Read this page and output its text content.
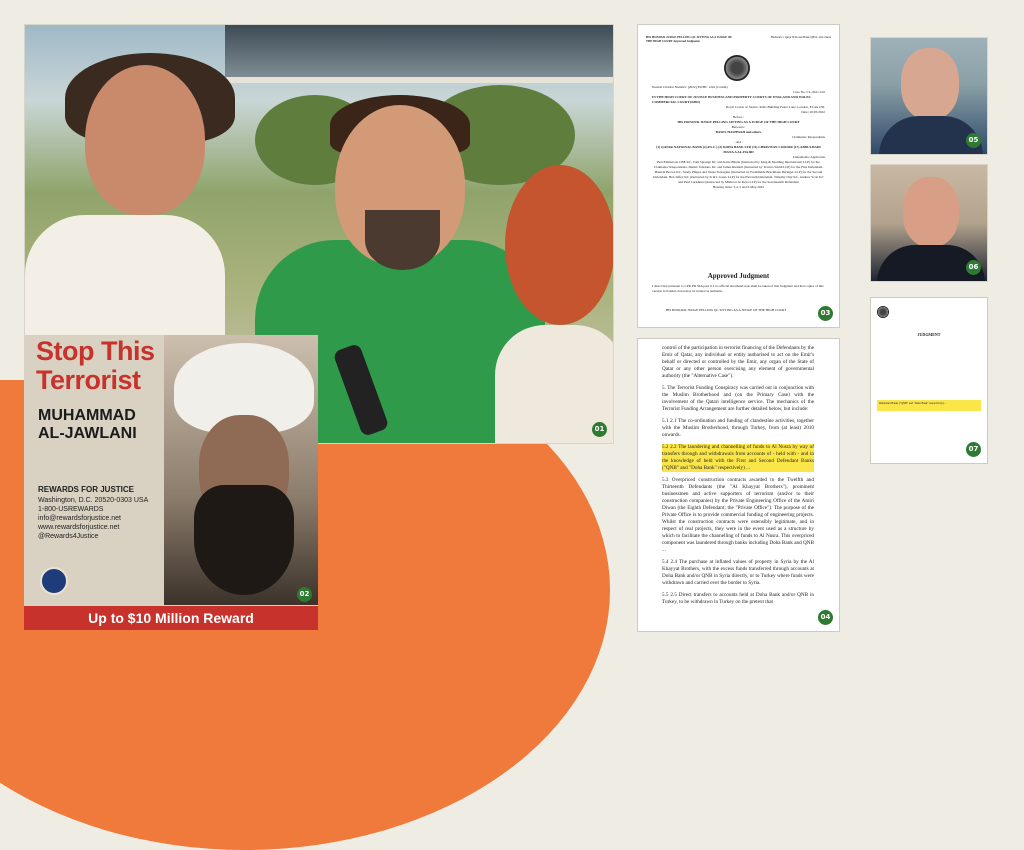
01
Stop This
Terrorist
MUHAMMAD
AL-JAWLANI
REWARDS FOR JUSTICE
Washington, D.C. 20520-0303 USA
1-800-USREWARDS
info@rewardsforjustice.net
www.rewardsforjustice.net
@Rewards4Justice
Up to $10 Million Reward
02
HIS HONOUR JUDGE PELLING QC SITTING AS A JUDGE OF THE HIGH COURT Approved Judgment
Hashwah v Qatar National Bank QPSC and others
Neutral Citation Number: [2022] EWHC 1242 (Comm)
Case No: CL-2021-102
IN THE HIGH COURT OF JUSTICE BUSINESS AND PROPERTY COURTS OF ENGLAND AND WALES COMMERCIAL COURT (KBD)
Royal Courts of Justice, Rolls Building Fetter Lane, London, EC4A 1NL
Date: 20/05/2022
Before :
HIS HONOUR JUDGE PELLING SITTING AS A JUDGE OF THE HIGH COURT
Between :
BASEL HASHWAH and others
Claimants/ Respondents
- and -
(1) QATAR NATIONAL BANK (Q.P.S.C.) (2) DOHA BANK LTD (11) CHRISTIAN COMAIR (17) ABDULHADI MANA A AL-HAJRI
Defendants/ Applicants
Ben Emmerson CBE KC, Tom Sprange KC and Katie Bhatia (instructed by King & Spalding International LLP) for the Claimants/ Respondents. Daniel Toledano KC and James Ruddell (instructed by Travers Smith LLP) for the First Defendant. Hannah Brown KC, Sandy Phipps and Vesna Terzagian (instructed by Freshfields Bruckhaus Deringer LLP) for the Second Defendant. Ben Jaffey KC (instructed by K & L Gates LLP) for the Eleventh Defendant. Timothy Otty KC, Andrew Scott KC and Paul Luckhurst (instructed by Mishcon de Reya LLP) for the Seventeenth Defendant
Hearing dates: 3,4, 5 and 6 May 2022
Approved Judgment
I direct that pursuant to CPR PD 39A para 6.1 no official shorthand note shall be taken of this Judgment and that copies of this version as handed down may be treated as authentic.
HIS HONOUR JUDGE PELLING QC SITTING AS A JUDGE OF THE HIGH COURT	03

control of the participation in terrorist financing of the Defendants by the Emir of Qatar, any individual or entity authorised to act on the Emir's behalf or directed or controlled by the Emir, any organ of the State of Qatar or any other person exercising any element of governmental authority (the "Alternative Case").

5. The Terrorist Funding Conspiracy was carried out in conjunction with the Muslim Brotherhood and (on the Primary Case) with the involvement of the Qatari intelligence service. The mechanics of the Terrorist Funding Arrangement are further detailed below, but include:

5.1 2.1 The co-ordination and funding of clandestine activities, together with the Muslim Brotherhood, through Turkey, from (at least) 2010 onwards.

5.2 2.2 The laundering and channelling of funds to Al Nusra by way of transfers through and withdrawals from accounts of - held with - and in the knowledge of held with the First and Second Defendant Banks ("QNB" and "Doha Bank" respectively) ...

5.3 Overpriced construction contracts awarded to the Twelfth and Thirteenth Defendants (the "Al Khayyat Brothers"), prominent businessmen and active supporters of terrorism (and/or to their construction companies) by the Private Engineering Office of the Amiri Diwan (the Eighth Defendant; the "Private Office"). The purpose of the Private Office is to provide commercial funding of engineering projects. Whilst the construction contracts were ostensibly legitimate, and in respect of real projects, they were in the event used as a structure by which to facilitate the channelling of funds to Al Nusra. This overpriced component was laundered through banks including Doha Bank and QNB ...

5.4 2.4 The purchase at inflated values of property in Syria by the Al Khayyat Brothers, with the excess funds transferred through accounts at Doha Bank and/or QNB in Syria directly, or to Turkey where funds were withdrawn and carried over the border to Syria.

5.5 2.5 Direct transfers to accounts held at Doha Bank and/or QNB in Turkey, to be withdrawn in Turkey on the pretext that

04
05
06
JUDGMENT
Defendant Banks ("QNB" and "Doha Bank" respectively) ...
07
